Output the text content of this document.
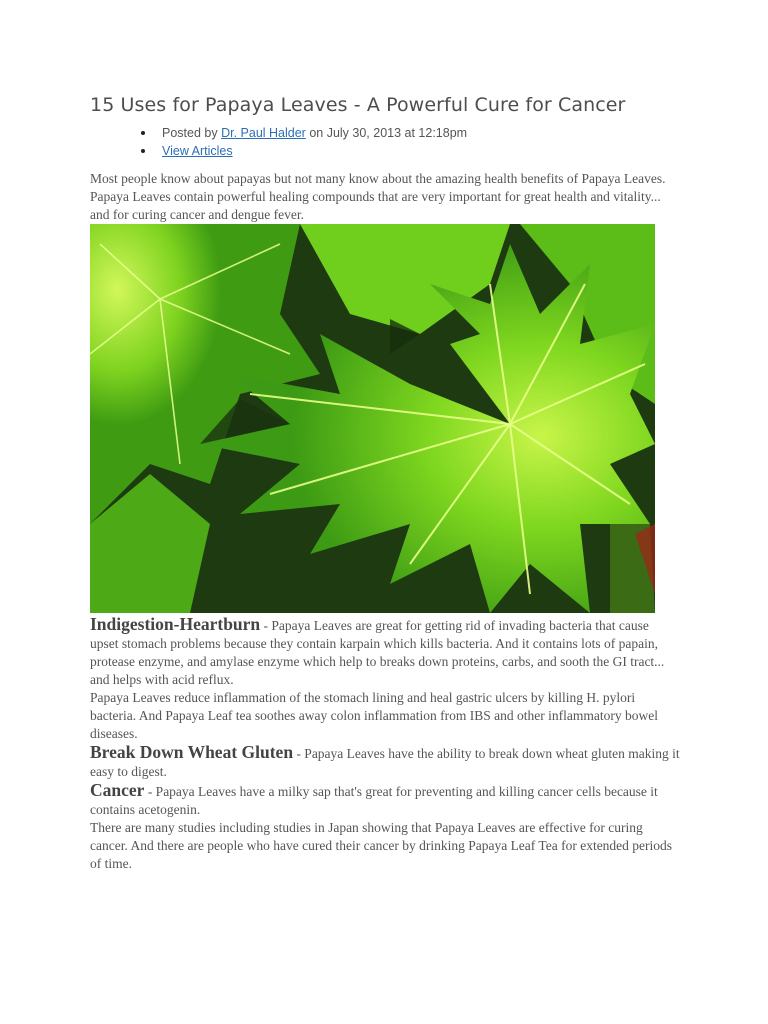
15 Uses for Papaya Leaves - A Powerful Cure for Cancer
Posted by Dr. Paul Halder on July 30, 2013 at 12:18pm
View Articles

Most people know about papayas but not many know about the amazing health benefits of Papaya Leaves.

Papaya Leaves contain powerful healing compounds that are very important for great health and vitality... and for curing cancer and dengue fever.

Indigestion-Heartburn - Papaya Leaves are great for getting rid of invading bacteria that cause upset stomach problems because they contain karpain which kills bacteria. And it contains lots of papain, protease enzyme, and amylase enzyme which help to breaks down proteins, carbs, and sooth the GI tract... and helps with acid reflux.

Papaya Leaves reduce inflammation of the stomach lining and heal gastric ulcers by killing H. pylori bacteria. And Papaya Leaf tea soothes away colon inflammation from IBS and other inflammatory bowel diseases.

Break Down Wheat Gluten - Papaya Leaves have the ability to break down wheat gluten making it easy to digest.

Cancer - Papaya Leaves have a milky sap that's great for preventing and killing cancer cells because it contains acetogenin.

There are many studies including studies in Japan showing that Papaya Leaves are effective for curing cancer. And there are people who have cured their cancer by drinking Papaya Leaf Tea for extended periods of time.
